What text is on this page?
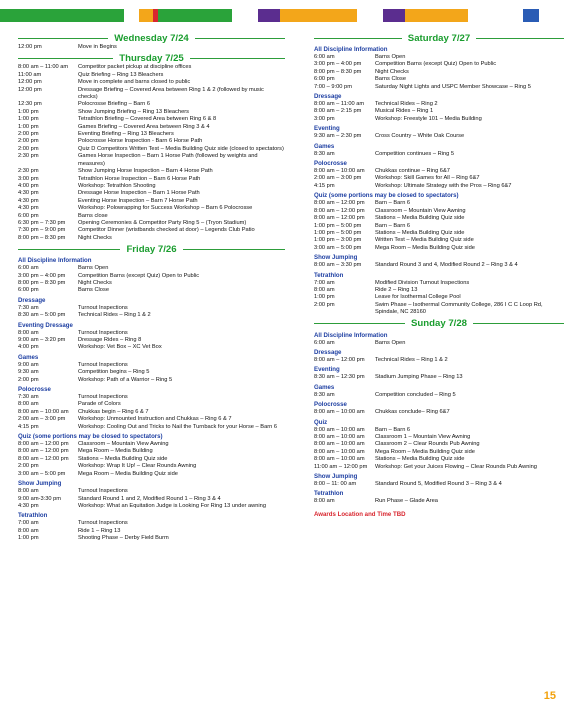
Wednesday 7/24
12:00 pm	Move in Begins
Thursday 7/25
8:00 am – 11:00 am	Competitor packet pickup at discipline offices
11:00 am	Quiz Briefing – Ring 13 Bleachers
12:00 pm	Move in complete and barns closed to public
12:00 pm	Dressage Briefing – Covered Area between Ring 1 & 2 (followed by music checks)
12:30 pm	Polocrosse Briefing – Barn 6
1:00 pm	Show Jumping Briefing – Ring 13 Bleachers
1:00 pm	Tetrathlon Briefing – Covered Area between Ring 6 & 8
1:00 pm	Games Briefing – Covered Area between Ring 3 & 4
2:00 pm	Eventing Briefing – Ring 13 Bleachers
2:00 pm	Polocrosse Horse Inspection - Barn 6 Horse Path
2:00 pm	Quiz D Competitors Written Test – Media Building Quiz side (closed to spectators)
2:30 pm	Games Horse Inspection – Barn 1 Horse Path (followed by weights and measures)
2:30 pm	Show Jumping Horse Inspection – Barn 4 Horse Path
3:00 pm	Tetrathlon Horse Inspection – Barn 6 Horse Path
4:00 pm	Workshop: Tetrathlon Shooting
4:30 pm	Dressage Horse Inspection – Barn 1 Horse Path
4:30 pm	Eventing Horse Inspection – Barn 7 Horse Path
4:30 pm	Workshop: Polowrapping for Success Workshop – Barn 6 Polocrosse
6:00 pm	Barns close
6:30 pm – 7:30 pm	Opening Ceremonies & Competitor Party Ring 5 – (Tryon Stadium)
7:30 pm – 9:00 pm	Competitor Dinner (wristbands checked at door) – Legends Club Patio
8:00 pm – 8:30 pm	Night Checks
Friday 7/26
All Discipline Information
6:00 am	Barns Open
3:00 pm – 4:00 pm	Competition Barns (except Quiz) Open to Public
8:00 pm – 8:30 pm	Night Checks
6:00 pm	Barns Close
Dressage
7:30 am	Turnout Inspections
8:30 am – 5:00 pm	Technical Rides – Ring 1 & 2
Eventing Dressage
8:00 am	Turnout Inspections
9:00 am – 3:20 pm	Dressage Rides – Ring 8
4:00 pm	Workshop: Vet Box – XC Vet Box
Games
9:00 am	Turnout Inspections
9:30 am	Competition begins – Ring 5
2:00 pm	Workshop: Path of a Warrior – Ring 5
Polocrosse
7:30 am	Turnout Inspections
8:00 am	Parade of Colors
8:00 am – 10:00 am	Chukkas begin – Ring 6 & 7
2:00 am – 3:00 pm	Workshop: Unmounted Instruction and Chukkas – Ring 6 & 7
4:15 pm	Workshop: Cooling Out and Tricks to Nail the Turnback for your Horse – Barn 6
Quiz (some portions may be closed to spectators)
8:00 am – 12:00 pm	Classroom – Mountain View Awning
8:00 am – 12:00 pm	Mega Room – Media Building
8:00 am – 12:00 pm	Stations – Media Building Quiz side
2:00 pm	Workshop: Wrap It Up! – Clear Rounds Awning
3:00 am – 5:00 pm	Mega Room – Media Building Quiz side
Show Jumping
8:00 am	Turnout Inspections
9:00 am-3:30 pm	Standard Round 1 and 2, Modified Round 1 – Ring 3 & 4
4:30 pm	Workshop: What an Equitation Judge is Looking For Ring 13 under awning
Tetrathlon
7:00 am	Turnout Inspections
8:00 am	Ride 1 – Ring 13
1:00 pm	Shooting Phase – Derby Field Burm
Saturday 7/27
All Discipline Information
6:00 am	Barns Open
3:00 pm – 4:00 pm	Competition Barns (except Quiz) Open to Public
8:00 pm – 8:30 pm	Night Checks
6:00 pm	Barns Close
7:00 – 9:00 pm	Saturday Night Lights and USPC Member Showcase – Ring 5
Dressage
8:00 am – 11:00 am	Technical Rides – Ring 2
8:00 am – 2:15 pm	Musical Rides – Ring 1
3:00 pm	Workshop: Freestyle 101 – Media Building
Eventing
9:30 am – 2:30 pm	Cross Country – White Oak Course
Games
8:30 am	Competition continues – Ring 5
Polocrosse
8:00 am – 10:00 am	Chukkas continue – Ring 6&7
2:00 am – 3:00 pm	Workshop: Skill Games for All – Ring 6&7
4:15 pm	Workshop: Ultimate Strategy with the Pros – Ring 6&7
Quiz (some portions may be closed to spectators)
8:00 am – 12:00 pm	Barn – Barn 6
8:00 am – 12:00 pm	Classroom – Mountain View Awning
8:00 am – 12:00 pm	Stations – Media Building Quiz side
1:00 pm – 5:00 pm	Barn – Barn 6
1:00 pm – 5:00 pm	Stations – Media Building Quiz side
1:00 pm – 3:00 pm	Written Test – Media Building Quiz side
3:00 am – 5:00 pm	Mega Room – Media Building Quiz side
Show Jumping
8:00 am – 3:30 pm	Standard Round 3 and 4, Modified Round 2 – Ring 3 & 4
Tetrathlon
7:00 am	Modified Division Turnout Inspections
8:00 am	Ride 2 – Ring 13
1:00 pm	Leave for Isothermal College Pool
2:00 pm	Swim Phase – Isothermal Community College, 286 I C C Loop Rd, Spindale, NC 28160
Sunday 7/28
All Discipline Information
6:00 am	Barns Open
Dressage
8:00 am – 12:00 pm	Technical Rides – Ring 1 & 2
Eventing
8:30 am – 12:30 pm	Stadium Jumping Phase – Ring 13
Games
8:30 am	Competition concluded – Ring 5
Polocrosse
8:00 am – 10:00 am	Chukkas conclude– Ring 6&7
Quiz
8:00 am – 10:00 am	Barn – Barn 6
8:00 am – 10:00 am	Classroom 1 – Mountain View Awning
8:00 am – 10:00 am	Classroom 2 – Clear Rounds Pub Awning
8:00 am – 10:00 am	Mega Room – Media Building Quiz side
8:00 am – 10:00 am	Stations – Media Building Quiz side
11:00 am – 12:00 pm	Workshop: Get your Juices Flowing – Clear Rounds Pub Awning
Show Jumping
8:00 – 11: 00 am	Standard Round 5, Modified Round 3 – Ring 3 & 4
Tetrathlon
8:00 am	Run Phase – Glade Area
Awards Location and Time TBD
15
